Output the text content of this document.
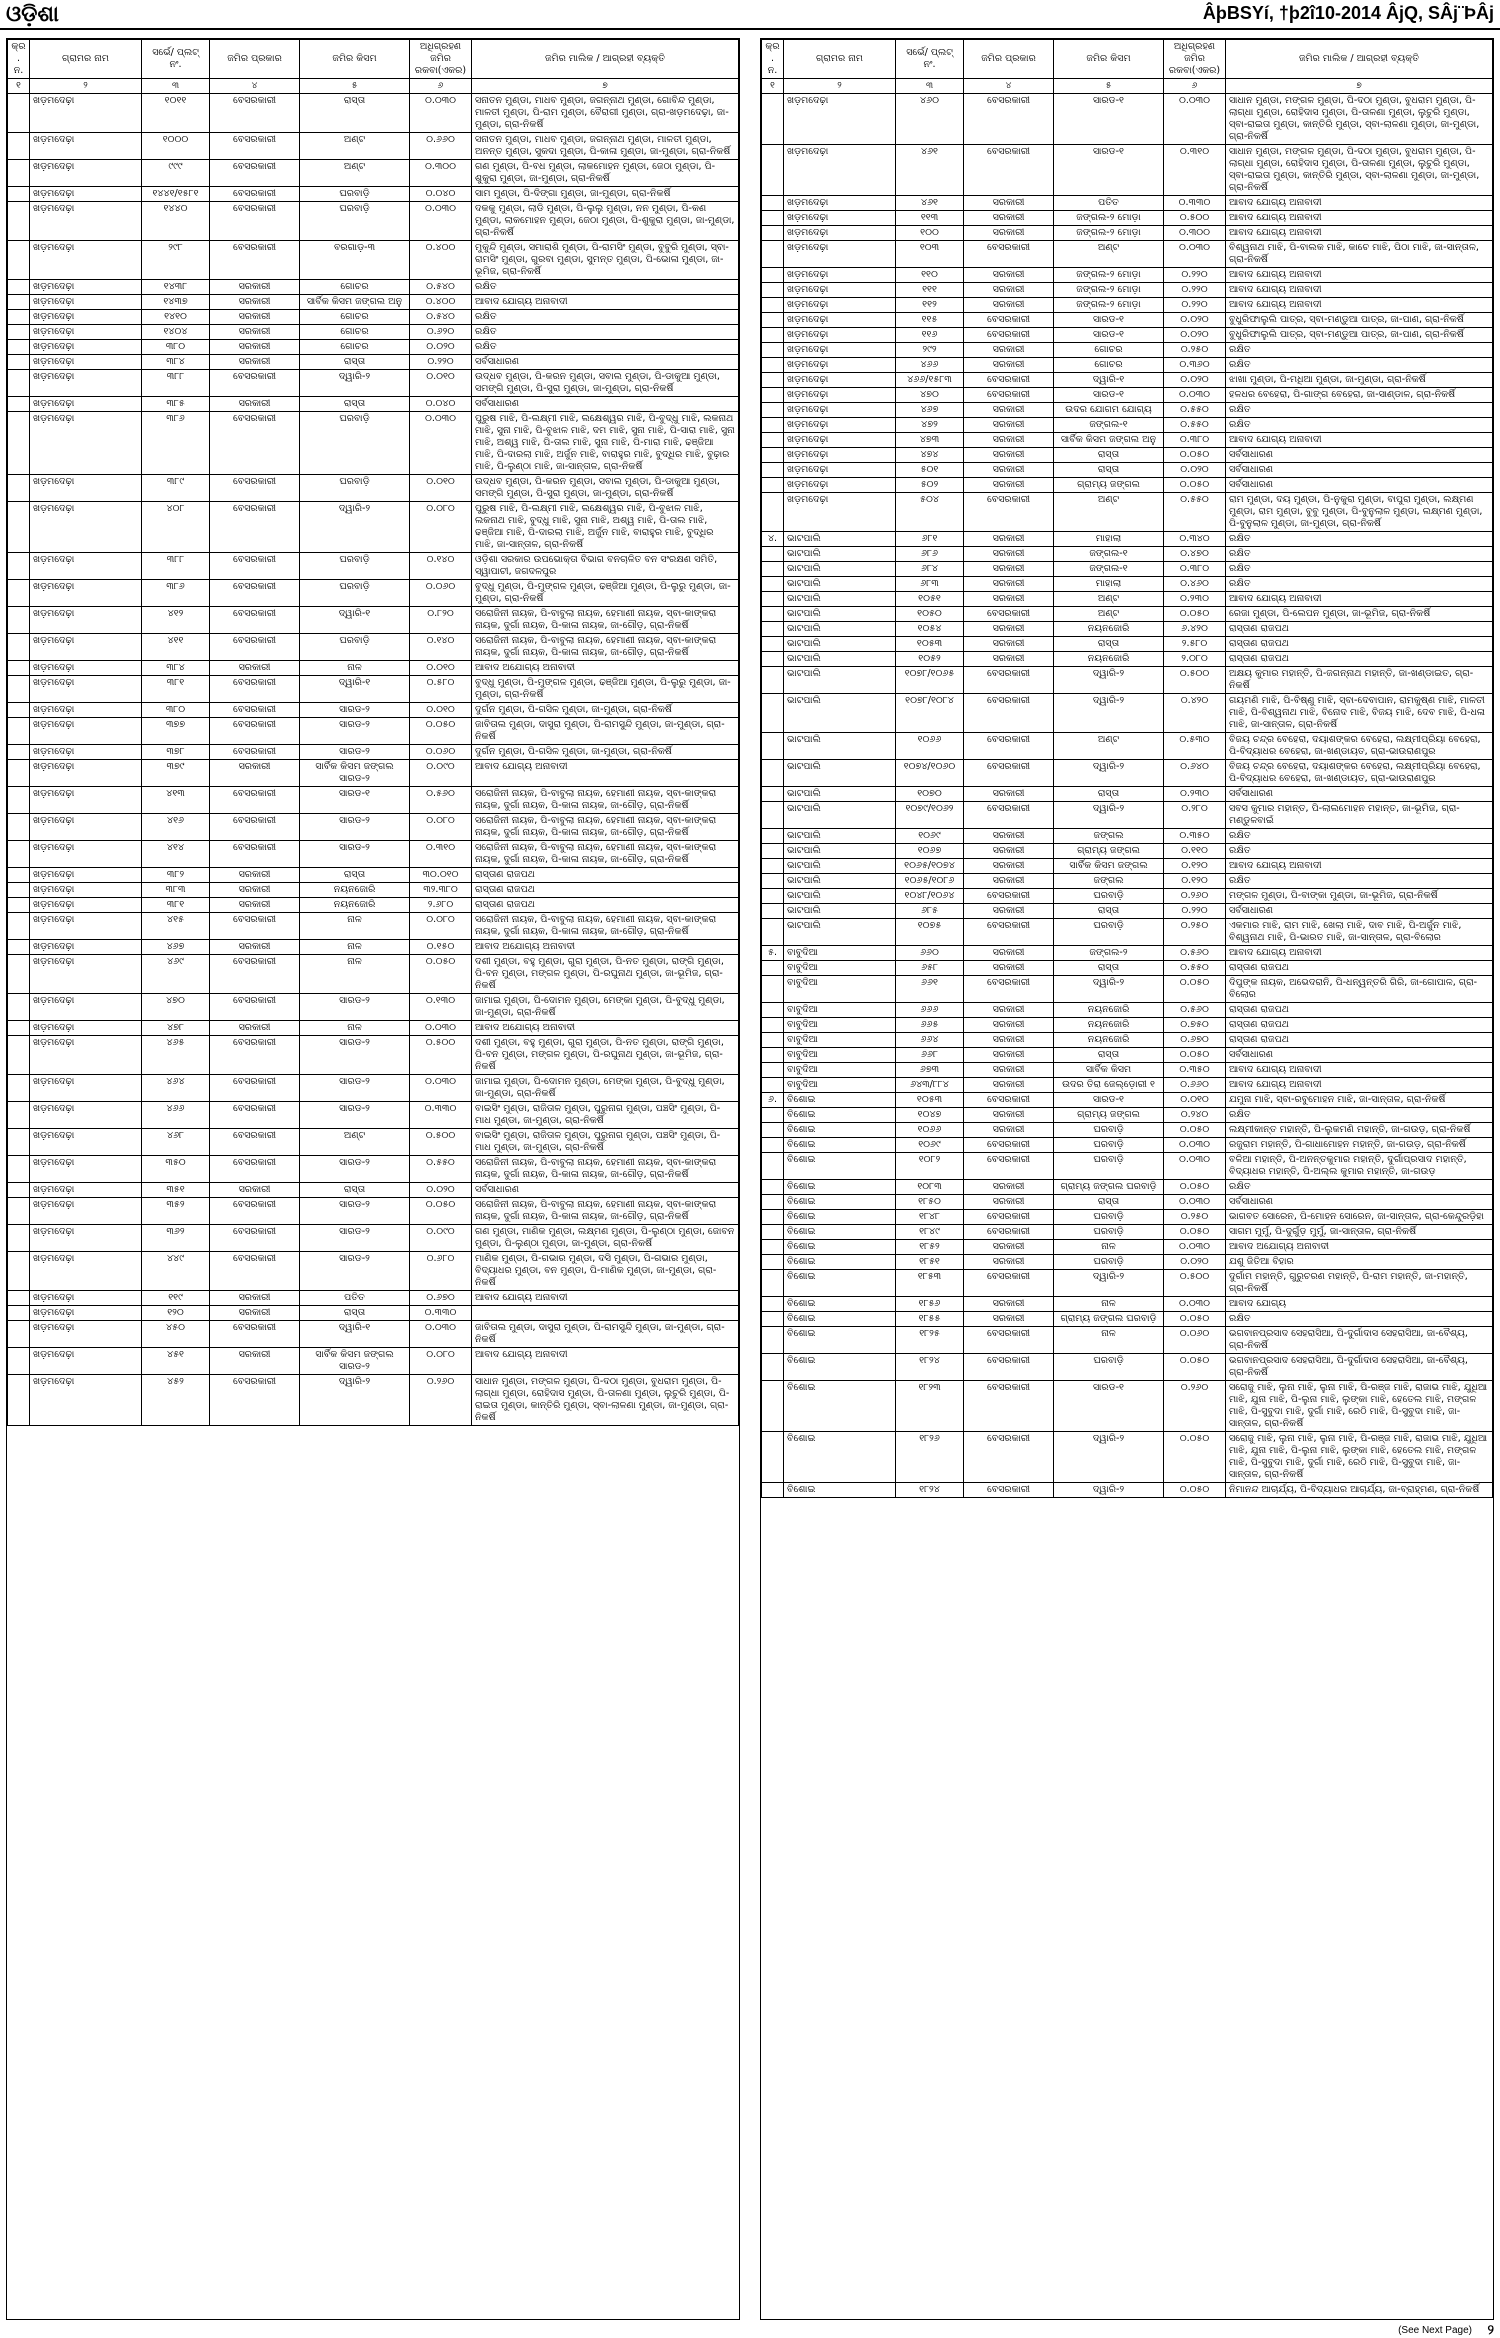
ଓଡ଼ିଶା	ÂþBSYí, †þ2î10-2014 ÂjQ, SÂj¨ÞÂj
କ୍ର. ନ.	ଗ୍ରାମର ନାମ	ସର୍ଭେ/ ପ୍ଲଟ୍ ନଂ.	ଜମିର ପ୍ରକାର	ଜମିର କିସମ	ଅଧିଗ୍ରହଣ ଜମିର ରକବା(ଏକର)	ଜମିର ମାଲିକ / ଆଗ୍ରହୀ ବ୍ୟକ୍ତି
୧	୨	୩	୪	୫	୬	୭
	ଖଡ଼ମଦେଢ଼ା	୧୦୧୧	ବେସରକାରୀ	ରାସ୍ତା	୦.୦୩୦	ସନାତନ ମୁଣ୍ଡା, ମାଧବ ମୁଣ୍ଡା, ଜଗନ୍ନାଥ ମୁଣ୍ଡା, ଗୋବିନ୍ଦ ମୁଣ୍ଡା, ମାଳତୀ ମୁଣ୍ଡା, ପି-ରାମ ମୁଣ୍ଡା, ବୈରାଗୀ ମୁଣ୍ଡା, ଗ୍ରା-ଖଡ଼ମଦେଢ଼ା, ଜା-ମୁଣ୍ଡା, ଗ୍ରା-ନିକର୍ଷି
	ଖଡ଼ମଦେଢ଼ା	୧୦୦୦	ବେସରକାରୀ	ଅଣ୍ଟ	୦.୬୬୦	ସନାତନ ମୁଣ୍ଡା, ମାଧବ ମୁଣ୍ଡା, ଜଗନ୍ନାଥ ମୁଣ୍ଡା, ମାଳତୀ ମୁଣ୍ଡା, ଅନନ୍ତ ମୁଣ୍ଡା, ସୁକଦା ମୁଣ୍ଡା, ପି-କାଳା ମୁଣ୍ଡା, ଜା-ମୁଣ୍ଡା, ଗ୍ରା-ନିକର୍ଷି
	ଖଡ଼ମଦେଢ଼ା	୯୯୯	ବେସରକାରୀ	ଅଣ୍ଟ	୦.୩୦୦	ଗଣ ମୁଣ୍ଡା, ପି-ବଧ ମୁଣ୍ଡା, ଲାକମୋହନ ମୁଣ୍ଡା, ଜେଠା ମୁଣ୍ଡା, ପି-ଶୁକୁରା ମୁଣ୍ଡା, ଜା-ମୁଣ୍ଡା, ଗ୍ରା-ନିକର୍ଷି
	ଖଡ଼ମଦେଢ଼ା	୧୪୪୧/୧୫୮୧	ବେସରକାରୀ	ଘରବାଡ଼ି	୦.୦୪୦	ସାମ ମୁଣ୍ଡା, ପି-ଦିଙ୍ଗା ମୁଣ୍ଡା, ଜା-ମୁଣ୍ଡା, ଗ୍ରା-ନିକର୍ଷି
	ଖଡ଼ମଦେଢ଼ା	୧୪୪୦	ବେସରକାରୀ	ଘରବାଡ଼ି	୦.୦୩୦	ଦକକୁ ମୁଣ୍ଡା, ଲାଡି ମୁଣ୍ଡା, ପି-ଲୁଲୁ ମୁଣ୍ଡା, ନନ ମୁଣ୍ଡା, ପି-କଣ ମୁଣ୍ଡା, ଲାକମୋହନ ମୁଣ୍ଡା, ଜେଠା ମୁଣ୍ଡା, ପି-ଶୁକୁରା ମୁଣ୍ଡା, ଜା-ମୁଣ୍ଡା, ଗ୍ରା-ନିକର୍ଷି
	ଖଡ଼ମଦେଢ଼ା	୨୯୮	ବେସରକାରୀ	ବରଗାଡ଼-୩	୦.୪୦୦	ମୁକୁନ୍ଦି ମୁଣ୍ଡା, ସମାରାଶି ମୁଣ୍ଡା, ପି-ରାମସିଂ ମୁଣ୍ଡା, ବୁବୁରି ମୁଣ୍ଡା, ସ୍ବା-ରାମସିଂ ମୁଣ୍ଡା, ଗୁରବା ମୁଣ୍ଡା, ସୁମନ୍ତ ମୁଣ୍ଡା, ପି-ଭୋଳା ମୁଣ୍ଡା, ଜା-ଭୂମିଜ, ଗ୍ରା-ନିକର୍ଷି
	ଖଡ଼ମଦେଢ଼ା	୧୪୩୮	ସରକାରୀ	ଗୋଚର	୦.୫୪୦	ରକ୍ଷିତ
	ଖଡ଼ମଦେଢ଼ା	୧୪୩୭	ସରକାରୀ	ସାର୍ବିକ କିସମ ଜଙ୍ଗଲ ଅନୁ	୦.୪୦୦	ଆବାଦ ଯୋଗ୍ୟ ଅନାବାଦୀ
	ଖଡ଼ମଦେଢ଼ା	୧୪୧୦	ସରକାରୀ	ଗୋଚର	୦.୫୪୦	ରକ୍ଷିତ
	ଖଡ଼ମଦେଢ଼ା	୧୪୦୪	ସରକାରୀ	ଗୋଚର	୦.୬୨୦	ରକ୍ଷିତ
	ଖଡ଼ମଦେଢ଼ା	୩୮୦	ସରକାରୀ	ଗୋଚର	୦.୦୨୦	ରକ୍ଷିତ
	ଖଡ଼ମଦେଢ଼ା	୩୮୪	ସରକାରୀ	ରାସ୍ତା	୦.୨୨୦	ସର୍ବସାଧାରଣ
	ଖଡ଼ମଦେଢ଼ା	୩୮୮	ବେସରକାରୀ	ଦ୍ୱାରି-୨	୦.୦୧୦	ଉଦ୍ଧବ ମୁଣ୍ଡା, ପି-କରନ ମୁଣ୍ଡା, ସବାଲ ମୁଣ୍ଡା, ପି-ଡାକୁଆ ମୁଣ୍ଡା, ସମଙ୍ଗି ମୁଣ୍ଡା, ପି-ସୁରା ମୁଣ୍ଡା, ଜା-ମୁଣ୍ଡା, ଗ୍ରା-ନିକର୍ଷି
	ଖଡ଼ମଦେଢ଼ା	୩୮୫	ସରକାରୀ	ରାସ୍ତା	୦.୦୪୦	ସର୍ବସାଧାରଣ
	ଖଡ଼ମଦେଢ଼ା	୩୮୬	ବେସରକାରୀ	ଘରବାଡ଼ି	୦.୦୩୦	ପୁରୁଷ ମାଝି, ପି-ଲକ୍ଷ୍ମୀ ମାଝି, ଲକ୍ଷେଶ୍ୱର ମାଝି, ପି-ବୁଦ୍ଧୁ ମାଝି, ଲକନାଥ ମାଝି, ସୁନା ମାଝି, ପି-ବୁଝାଳ ମାଝି, ଦମ ମାଝି, ସୁନା ମାଝି, ପି-ସାରା ମାଝି, ସୁନା ମାଝି, ଅଶ୍ୱ ମାଝି, ପି-ତାଲ ମାଝି, ସୁନା ମାଝି, ପି-ମାରା ମାଝି, ଢଞ୍ଜିଆ ମାଝି, ପି-ଦାରଲା ମାଝି, ଅର୍ଜୁନ ମାଝି, ବାରାହୁର ମାଝି, ବୁଦ୍ଧିର ମାଝି, ବୁଢ଼ାର ମାଝି, ପି-ଲୁଣ୍ଠା ମାଝି, ଜା-ସାନ୍ତାଳ, ଗ୍ରା-ନିକର୍ଷି
	ଖଡ଼ମଦେଢ଼ା	୩୮୯	ବେସରକାରୀ	ଘରବାଡ଼ି	୦.୦୧୦	ଉଦ୍ଧବ ମୁଣ୍ଡା, ପି-କରନ ମୁଣ୍ଡା, ସବାଲ ମୁଣ୍ଡା, ପି-ଡାକୁଆ ମୁଣ୍ଡା, ସମଙ୍ଗି ମୁଣ୍ଡା, ପି-ସୁରା ମୁଣ୍ଡା, ଜା-ମୁଣ୍ଡା, ଗ୍ରା-ନିକର୍ଷି
	ଖଡ଼ମଦେଢ଼ା	୪୦୮	ବେସରକାରୀ	ଦ୍ୱାରି-୨	୦.୦୮୦	ପୁରୁଷ ମାଝି, ପି-ଲକ୍ଷ୍ମୀ ମାଝି, ଲକ୍ଷେଶ୍ୱର ମାଝି, ପି-ବୁଝାଳ ମାଝି, ଲକନାଥ ମାଝି, ବୁଦ୍ଧୁ ମାଝି, ସୁନା ମାଝି, ଅଶ୍ୱ ମାଝି, ପି-ତାଲ ମାଝି, ଢଞ୍ଜିଆ ମାଝି, ପି-ଦାରଲା ମାଝି, ଅର୍ଜୁନ ମାଝି, ବାରାହୁର ମାଝି, ବୁଦ୍ଧିର ମାଝି, ଜା-ସାନ୍ତାଳ, ଗ୍ରା-ନିକର୍ଷି
	ଖଡ଼ମଦେଢ଼ା	୩୮୮	ବେସରକାରୀ	ଘରବାଡ଼ି	୦.୧୪୦	ଓଡ଼ିଶା ସରକାର ଉପଭୋକ୍ତା ବିଭାଗ ବନଚାଳିତ ବନ ସଂରକ୍ଷଣ ସମିତି, ସ୍ୱାପାଚୀ, ଜଗଦଳପୁର
	ଖଡ଼ମଦେଢ଼ା	୩୮୬	ବେସରକାରୀ	ଘରବାଡ଼ି	୦.୦୬୦	ବୁଦ୍ଧୁ ମୁଣ୍ଡା, ପି-ମୁଙ୍ଗଳ ମୁଣ୍ଡା, ଢଞ୍ଜିଆ ମୁଣ୍ଡା, ପି-ଲୁରୁ ମୁଣ୍ଡା, ଜା-ମୁଣ୍ଡା, ଗ୍ରା-ନିକର୍ଷି
	ଖଡ଼ମଦେଢ଼ା	୪୧୨	ବେସରକାରୀ	ଦ୍ୱାରି-୧	୦.୮୨୦	ସରୋଜିନୀ ନାୟକ, ପି-ବାବୁଲା ନାୟକ, ହେମାଣୀ ନାୟକ, ସ୍ବା-କାଙ୍କରା ନାୟକ, ଦୁର୍ଗା ନାୟକ, ପି-କାଳା ନାୟକ, ଜା-ଗୌଡ଼, ଗ୍ରା-ନିକର୍ଷି
	ଖଡ଼ମଦେଢ଼ା	୪୧୧	ବେସରକାରୀ	ଘରବାଡ଼ି	୦.୧୪୦	ସରୋଜିନୀ ନାୟକ, ପି-ବାବୁଲା ନାୟକ, ହେମାଣୀ ନାୟକ, ସ୍ବା-କାଙ୍କରା ନାୟକ, ଦୁର୍ଗା ନାୟକ, ପି-କାଳା ନାୟକ, ଜା-ଗୌଡ଼, ଗ୍ରା-ନିକର୍ଷି
	ଖଡ଼ମଦେଢ଼ା	୩୮୪	ସରକାରୀ	ନାଳ	୦.୦୧୦	ଆବାଦ ଅଯୋଗ୍ୟ ଅନାବାଦୀ
	ଖଡ଼ମଦେଢ଼ା	୩୮୧	ବେସରକାରୀ	ଦ୍ୱାରି-୧	୦.୫୮୦	ବୁଦ୍ଧୁ ମୁଣ୍ଡା, ପି-ମୁଙ୍ଗଳ ମୁଣ୍ଡା, ଢଞ୍ଜିଆ ମୁଣ୍ଡା, ପି-ଲୁରୁ ମୁଣ୍ଡା, ଜା-ମୁଣ୍ଡା, ଗ୍ରା-ନିକର୍ଷି
	ଖଡ଼ମଦେଢ଼ା	୩୮୦	ବେସରକାରୀ	ସାରଡ-୨	୦.୦୧୦	ଦୁର୍ଗନ ମୁଣ୍ଡା, ପି-ଗସିଳ ମୁଣ୍ଡା, ଜା-ମୁଣ୍ଡା, ଗ୍ରା-ନିକର୍ଷି
	ଖଡ଼ମଦେଢ଼ା	୩୭୭	ବେସରକାରୀ	ସାରଡ-୨	୦.୦୫୦	ଜାବିତାଲ ମୁଣ୍ଡା, ଦାସୁରା ମୁଣ୍ଡା, ପି-ରାମସୁନ୍ଦି ମୁଣ୍ଡା, ଜା-ମୁଣ୍ଡା, ଗ୍ରା-ନିକର୍ଷି
	ଖଡ଼ମଦେଢ଼ା	୩୭୮	ବେସରକାରୀ	ସାରଡ-୨	୦.୦୬୦	ଦୁର୍ଗନ ମୁଣ୍ଡା, ପି-ଗସିଳ ମୁଣ୍ଡା, ଜା-ମୁଣ୍ଡା, ଗ୍ରା-ନିକର୍ଷି
	ଖଡ଼ମଦେଢ଼ା	୩୭୯	ସରକାରୀ	ସାର୍ବିକ କିସମ ଜଙ୍ଗଲ ସାରଡ-୨	୦.୦୯୦	ଆବାଦ ଯୋଗ୍ୟ ଅନାବାଦୀ
	ଖଡ଼ମଦେଢ଼ା	୪୧୩	ବେସରକାରୀ	ସାରଡ-୧	୦.୫୬୦	ସରୋଜିନୀ ନାୟକ, ପି-ବାବୁଲା ନାୟକ, ହେମାଣୀ ନାୟକ, ସ୍ବା-କାଙ୍କରା ନାୟକ, ଦୁର୍ଗା ନାୟକ, ପି-କାଳା ନାୟକ, ଜା-ଗୌଡ଼, ଗ୍ରା-ନିକର୍ଷି
	ଖଡ଼ମଦେଢ଼ା	୪୧୬	ବେସରକାରୀ	ସାରଡ-୨	୦.୦୮୦	ସରୋଜିନୀ ନାୟକ, ପି-ବାବୁଲା ନାୟକ, ହେମାଣୀ ନାୟକ, ସ୍ବା-କାଙ୍କରା ନାୟକ, ଦୁର୍ଗା ନାୟକ, ପି-କାଳା ନାୟକ, ଜା-ଗୌଡ଼, ଗ୍ରା-ନିକର୍ଷି
	ଖଡ଼ମଦେଢ଼ା	୪୧୪	ବେସରକାରୀ	ସାରଡ-୨	୦.୩୧୦	ସରୋଜିନୀ ନାୟକ, ପି-ବାବୁଲା ନାୟକ, ହେମାଣୀ ନାୟକ, ସ୍ବା-କାଙ୍କରା ନାୟକ, ଦୁର୍ଗା ନାୟକ, ପି-କାଳା ନାୟକ, ଜା-ଗୌଡ଼, ଗ୍ରା-ନିକର୍ଷି
	ଖଡ଼ମଦେଢ଼ା	୩୮୨	ସରକାରୀ	ରାସ୍ତା	୩୦.୦୧୦	ରାସ୍ତାଣ ରାଜପଥ
	ଖଡ଼ମଦେଢ଼ା	୩୮୩	ସରକାରୀ	ନୟନଜୋରି	୩୨.୩୮୦	ରାସ୍ତାଣ ରାଜପଥ
	ଖଡ଼ମଦେଢ଼ା	୩୮୧	ସରକାରୀ	ନୟନଜୋରି	୨.୬୮୦	ରାସ୍ତାଣ ରାଜପଥ
	ଖଡ଼ମଦେଢ଼ା	୪୧୫	ବେସରକାରୀ	ନାଳ	୦.୦୮୦	ସରୋଜିନୀ ନାୟକ, ପି-ବାବୁଲା ନାୟକ, ହେମାଣୀ ନାୟକ, ସ୍ବା-କାଙ୍କରା ନାୟକ, ଦୁର୍ଗା ନାୟକ, ପି-କାଳା ନାୟକ, ଜା-ଗୌଡ଼, ଗ୍ରା-ନିକର୍ଷି
	ଖଡ଼ମଦେଢ଼ା	୪୬୭	ସରକାରୀ	ନାଳ	୦.୧୫୦	ଆବାଦ ଅଯୋଗ୍ୟ ଅନାବାଦୀ
	ଖଡ଼ମଦେଢ଼ା	୪୬୯	ବେସରକାରୀ	ନାଳ	୦.୦୫୦	ଦଶୀ ମୁଣ୍ଡା, ବହୁ ମୁଣ୍ଡା, ଗୁରା ମୁଣ୍ଡା, ପି-ନତ ମୁଣ୍ଡା, ରାଙ୍ଗି ମୁଣ୍ଡା, ପି-ବନ ମୁଣ୍ଡା, ମଙ୍ଗଳ ମୁଣ୍ଡା, ପି-ରଘୁନାଥ ମୁଣ୍ଡା, ଜା-ଭୂମିଜ, ଗ୍ରା-ନିକର୍ଷି
	ଖଡ଼ମଦେଢ଼ା	୪୭୦	ବେସରକାରୀ	ସାରଡ-୨	୦.୧୩୦	ଜାମାଇ ମୁଣ୍ଡା, ପି-ଦୋମନ ମୁଣ୍ଡା, ମେଙ୍କା ମୁଣ୍ଡା, ପି-ବୁଦ୍ଧୁ ମୁଣ୍ଡା, ଜା-ମୁଣ୍ଡା, ଗ୍ରା-ନିକର୍ଷି
	ଖଡ଼ମଦେଢ଼ା	୪୭୮	ସରକାରୀ	ନାଳ	୦.୦୩୦	ଆବାଦ ଅଯୋଗ୍ୟ ଅନାବାଦୀ
	ଖଡ଼ମଦେଢ଼ା	୪୬୫	ବେସରକାରୀ	ସାରଡ-୨	୦.୫୦୦	ଦଶୀ ମୁଣ୍ଡା, ବହୁ ମୁଣ୍ଡା, ଗୁରା ମୁଣ୍ଡା, ପି-ନତ ମୁଣ୍ଡା, ରାଙ୍ଗି ମୁଣ୍ଡା, ପି-ବନ ମୁଣ୍ଡା, ମଙ୍ଗଳ ମୁଣ୍ଡା, ପି-ରଘୁନାଥ ମୁଣ୍ଡା, ଜା-ଭୂମିଜ, ଗ୍ରା-ନିକର୍ଷି
	ଖଡ଼ମଦେଢ଼ା	୪୬୪	ବେସରକାରୀ	ସାରଡ-୨	୦.୦୩୦	ଜାମାଇ ମୁଣ୍ଡା, ପି-ଦୋମନ ମୁଣ୍ଡା, ମେଙ୍କା ମୁଣ୍ଡା, ପି-ବୁଦ୍ଧୁ ମୁଣ୍ଡା, ଜା-ମୁଣ୍ଡା, ଗ୍ରା-ନିକର୍ଷି
	ଖଡ଼ମଦେଢ଼ା	୪୬୬	ବେସରକାରୀ	ସାରଡ-୨	୦.୩୩୦	ବାଇସିଂ ମୁଣ୍ଡା, ରାଜିତାଳ ମୁଣ୍ଡା, ପୁରୁନାଗ ମୁଣ୍ଡା, ପଞ୍ଚସିଂ ମୁଣ୍ଡା, ପି-ମାଧ ମୁଣ୍ଡା, ଜା-ମୁଣ୍ଡା, ଗ୍ରା-ନିକର୍ଷି
	ଖଡ଼ମଦେଢ଼ା	୪୬୮	ବେସରକାରୀ	ଅଣ୍ଟ	୦.୫୦୦	ବାଇସିଂ ମୁଣ୍ଡା, ରାଜିତାଳ ମୁଣ୍ଡା, ପୁରୁନାଗ ମୁଣ୍ଡା, ପଞ୍ଚସିଂ ମୁଣ୍ଡା, ପି-ମାଧ ମୁଣ୍ଡା, ଜା-ମୁଣ୍ଡା, ଗ୍ରା-ନିକର୍ଷି
	ଖଡ଼ମଦେଢ଼ା	୩୫୦	ବେସରକାରୀ	ସାରଡ-୨	୦.୫୫୦	ସରୋଜିନୀ ନାୟକ, ପି-ବାବୁଲା ନାୟକ, ହେମାଣୀ ନାୟକ, ସ୍ବା-କାଙ୍କରା ନାୟକ, ଦୁର୍ଗା ନାୟକ, ପି-କାଳା ନାୟକ, ଜା-ଗୌଡ଼, ଗ୍ରା-ନିକର୍ଷି
	ଖଡ଼ମଦେଢ଼ା	୩୫୧	ସରକାରୀ	ରାସ୍ତା	୦.୦୨୦	ସର୍ବସାଧାରଣ
	ଖଡ଼ମଦେଢ଼ା	୩୫୨	ବେସରକାରୀ	ସାରଡ-୨	୦.୦୫୦	ସରୋଜିନୀ ନାୟକ, ପି-ବାବୁଲା ନାୟକ, ହେମାଣୀ ନାୟକ, ସ୍ବା-କାଙ୍କରା ନାୟକ, ଦୁର୍ଗା ନାୟକ, ପି-କାଳା ନାୟକ, ଜା-ଗୌଡ଼, ଗ୍ରା-ନିକର୍ଷି
	ଖଡ଼ମଦେଢ଼ା	୩୬୨	ବେସରକାରୀ	ସାରଡ-୨	୦.୦୯୦	ଗଣ ମୁଣ୍ଡା, ମାଣିକ ମୁଣ୍ଡା, ଲକ୍ଷ୍ମଣ ମୁଣ୍ଡା, ପି-ଲୁଣ୍ଠା ମୁଣ୍ଡା, ଜୋବନ ମୁଣ୍ଡା, ପି-ଲୁଣ୍ଠା ମୁଣ୍ଡା, ଜା-ମୁଣ୍ଡା, ଗ୍ରା-ନିକର୍ଷି
	ଖଡ଼ମଦେଢ଼ା	୪୪୯	ବେସରକାରୀ	ସାରଡ-୨	୦.୬୮୦	ମାଣିକ ମୁଣ୍ଡା, ପି-ଗଭାର ମୁଣ୍ଡା, ଦସି ମୁଣ୍ଡା, ପି-ଗଭାର ମୁଣ୍ଡା, ବିଦ୍ୟାଧର ମୁଣ୍ଡା, ବନ ମୁଣ୍ଡା, ପି-ମାଣିକ ମୁଣ୍ଡା, ଜା-ମୁଣ୍ଡା, ଗ୍ରା-ନିକର୍ଷି
	ଖଡ଼ମଦେଢ଼ା	୧୧୯	ସରକାରୀ	ପତିତ	୦.୬୭୦	ଆବାଦ ଯୋଗ୍ୟ ଅନାବାଦୀ
	ଖଡ଼ମଦେଢ଼ା	୧୨୦	ସରକାରୀ	ରାସ୍ତା	୦.୩୩୦	
	ଖଡ଼ମଦେଢ଼ା	୪୫୦	ବେସରକାରୀ	ଦ୍ୱାରି-୧	୦.୦୩୦	ଜାବିତାଲ ମୁଣ୍ଡା, ଦାସୁରା ମୁଣ୍ଡା, ପି-ରାମସୁନ୍ଦି ମୁଣ୍ଡା, ଜା-ମୁଣ୍ଡା, ଗ୍ରା-ନିକର୍ଷି
	ଖଡ଼ମଦେଢ଼ା	୪୫୧	ସରକାରୀ	ସାର୍ବିକ କିସମ ଜଙ୍ଗଲ ସାରଡ-୨	୦.୦୮୦	ଆବାଦ ଯୋଗ୍ୟ ଅନାବାଦୀ
	ଖଡ଼ମଦେଢ଼ା	୪୫୨	ବେସରକାରୀ	ଦ୍ୱାରି-୨	୦.୨୬୦	ସାଧାନ ମୁଣ୍ଡା, ମଙ୍ଗଳ ମୁଣ୍ଡା, ପି-ଦଠା ମୁଣ୍ଡା, ବୁଧରାମ ମୁଣ୍ଡା, ପି-ଲାଗ୍ଧା ମୁଣ୍ଡା, ରୋହିଦାସ ମୁଣ୍ଡା, ପି-ତାଳଣା ମୁଣ୍ଡା, ଲୁଚୁରି ମୁଣ୍ଡା, ପି-ରାଇତା ମୁଣ୍ଡା, କାନ୍ତିରି ମୁଣ୍ଡା, ସ୍ବା-ଲାଳଣା ମୁଣ୍ଡା, ଜା-ମୁଣ୍ଡା, ଗ୍ରା-ନିକର୍ଷି
କ୍ର. ନ.	ଗ୍ରାମର ନାମ	ସର୍ଭେ/ ପ୍ଲଟ୍ ନଂ.	ଜମିର ପ୍ରକାର	ଜମିର କିସମ	ଅଧିଗ୍ରହଣ ଜମିର ରକବା(ଏକର)	ଜମିର ମାଲିକ / ଆଗ୍ରହୀ ବ୍ୟକ୍ତି
୧	୨	୩	୪	୫	୬	୭
	ଖଡ଼ମଦେଢ଼ା	୪୬୦	ବେସରକାରୀ	ସାରଡ-୧	୦.୦୩୦	ସାଧାନ ମୁଣ୍ଡା, ମଙ୍ଗଳ ମୁଣ୍ଡା, ପି-ଦଠା ମୁଣ୍ଡା, ବୁଧରାମ ମୁଣ୍ଡା, ପି-ଲାଗ୍ଧା ମୁଣ୍ଡା, ରୋହିଦାସ ମୁଣ୍ଡା, ପି-ତାଳଣା ମୁଣ୍ଡା, ଲୁଚୁରି ମୁଣ୍ଡା, ସ୍ବା-ରାଇତା ମୁଣ୍ଡା, କାନ୍ତିରି ମୁଣ୍ଡା, ସ୍ବା-ଲାଳଣା ମୁଣ୍ଡା, ଜା-ମୁଣ୍ଡା, ଗ୍ରା-ନିକର୍ଷି
	ଖଡ଼ମଦେଢ଼ା	୪୬୧	ବେସରକାରୀ	ସାରଡ-୧	୦.୩୧୦	ସାଧାନ ମୁଣ୍ଡା, ମଙ୍ଗଳ ମୁଣ୍ଡା, ପି-ଦଠା ମୁଣ୍ଡା, ବୁଧରାମ ମୁଣ୍ଡା, ପି-ଲାଗ୍ଧା ମୁଣ୍ଡା, ରୋହିଦାସ ମୁଣ୍ଡା, ପି-ତାଳଣା ମୁଣ୍ଡା, ଲୁଚୁରି ମୁଣ୍ଡା, ସ୍ବା-ରାଇତା ମୁଣ୍ଡା, କାନ୍ତିରି ମୁଣ୍ଡା, ସ୍ବା-ଲାଳଣା ମୁଣ୍ଡା, ଜା-ମୁଣ୍ଡା, ଗ୍ରା-ନିକର୍ଷି
	ଖଡ଼ମଦେଢ଼ା	୪୬୧	ସରକାରୀ	ପତିତ	୦.୩୩୦	ଆବାଦ ଯୋଗ୍ୟ ଅନାବାଦୀ
	ଖଡ଼ମଦେଢ଼ା	୧୧୩	ସରକାରୀ	ଜଙ୍ଗଲ-୨ ମୋଡ଼ା	୦.୫୦୦	ଆବାଦ ଯୋଗ୍ୟ ଅନାବାଦୀ
	ଖଡ଼ମଦେଢ଼ା	୧୦୦	ସରକାରୀ	ଜଙ୍ଗଲ-୨ ମୋଡ଼ା	୦.୩୦୦	ଆବାଦ ଯୋଗ୍ୟ ଅନାବାଦୀ
	ଖଡ଼ମଦେଢ଼ା	୧୦୩	ବେସରକାରୀ	ଅଣ୍ଟ	୦.୦୩୦	ବିଶ୍ୱନାଥ ମାଝି, ପି-ବାଲକ ମାଝି, କାଚେ ମାଝି, ପିଠା ମାଝି, ଜା-ସାନ୍ତାଳ, ଗ୍ରା-ନିକର୍ଷି
	ଖଡ଼ମଦେଢ଼ା	୧୧୦	ସରକାରୀ	ଜଙ୍ଗଲ-୨ ମୋଡ଼ା	୦.୨୨୦	ଆବାଦ ଯୋଗ୍ୟ ଅନାବାଦୀ
	ଖଡ଼ମଦେଢ଼ା	୧୧୧	ସରକାରୀ	ଜଙ୍ଗଲ-୨ ମୋଡ଼ା	୦.୨୨୦	ଆବାଦ ଯୋଗ୍ୟ ଅନାବାଦୀ
	ଖଡ଼ମଦେଢ଼ା	୧୧୨	ସରକାରୀ	ଜଙ୍ଗଲ-୨ ମୋଡ଼ା	୦.୨୨୦	ଆବାଦ ଯୋଗ୍ୟ ଅନାବାଦୀ
	ଖଡ଼ମଦେଢ଼ା	୧୧୫	ବେସରକାରୀ	ସାରଡ-୧	୦.୦୨୦	ବୁଧୁରିଫାଲୁଲି ପାତ୍ର, ସ୍ବା-ମଣ୍ଡୁଆ ପାତ୍ର, ଜା-ପାଣ, ଗ୍ରା-ନିକର୍ଷି
	ଖଡ଼ମଦେଢ଼ା	୧୧୬	ବେସରକାରୀ	ସାରଡ-୧	୦.୦୨୦	ବୁଧୁରିଫାଲୁଲି ପାତ୍ର, ସ୍ବା-ମଣ୍ଡୁଆ ପାତ୍ର, ଜା-ପାଣ, ଗ୍ରା-ନିକର୍ଷି
	ଖଡ଼ମଦେଢ଼ା	୨୯୨	ସରକାରୀ	ଗୋଚର	୦.୨୫୦	ରକ୍ଷିତ
	ଖଡ଼ମଦେଢ଼ା	୪୬୬	ସରକାରୀ	ଗୋଚର	୦.୩୬୦	ରକ୍ଷିତ
	ଖଡ଼ମଦେଢ଼ା	୪୬୬/୧୫୮୩	ବେସରକାରୀ	ଦ୍ୱାରି-୧	୦.୦୨୦	ଝାଖା ମୁଣ୍ଡା, ପି-ମଧିଆ ମୁଣ୍ଡା, ଜା-ମୁଣ୍ଡା, ଗ୍ରା-ନିକର୍ଷି
	ଖଡ଼ମଦେଢ଼ା	୪୭୦	ବେସରକାରୀ	ସାରଡ-୧	୦.୦୩୦	ହଳଧର ବେହେରା, ପି-ଗାଙ୍ଗ ବେହେରା, ଜା-ସାଣ୍ଡାଳ, ଗ୍ରା-ନିକର୍ଷି
	ଖଡ଼ମଦେଢ଼ା	୪୬୭	ସରକାରୀ	ଉଦର ଯୋଗମ ଯୋଗ୍ୟ	୦.୫୫୦	ରକ୍ଷିତ
	ଖଡ଼ମଦେଢ଼ା	୪୭୨	ସରକାରୀ	ଜଙ୍ଗଲ-୧	୦.୫୫୦	ରକ୍ଷିତ
	ଖଡ଼ମଦେଢ଼ା	୪୭୩	ସରକାରୀ	ସାର୍ବିକ କିସମ ଜଙ୍ଗଲ ଅନୁ	୦.୩୮୦	ଆବାଦ ଯୋଗ୍ୟ ଅନାବାଦୀ
	ଖଡ଼ମଦେଢ଼ା	୪୭୪	ସରକାରୀ	ରାସ୍ତା	୦.୦୫୦	ସର୍ବସାଧାରଣ
	ଖଡ଼ମଦେଢ଼ା	୫୦୧	ସରକାରୀ	ରାସ୍ତା	୦.୦୨୦	ସର୍ବସାଧାରଣ
	ଖଡ଼ମଦେଢ଼ା	୫୦୨	ସରକାରୀ	ଗ୍ରାମ୍ୟ ଜଙ୍ଗଲ	୦.୦୫୦	ସର୍ବସାଧାରଣ
	ଖଡ଼ମଦେଢ଼ା	୫୦୪	ବେସରକାରୀ	ଅଣ୍ଟ	୦.୫୫୦	ରାମ ମୁଣ୍ଡା, ଦୟ ମୁଣ୍ଡା, ପି-ନୁକୁରା ମୁଣ୍ଡା, ବାପୁରା ମୁଣ୍ଡା, ଲକ୍ଷ୍ମଣ ମୁଣ୍ଡା, ରାମ ମୁଣ୍ଡା, ବୁବୁ ମୁଣ୍ଡା, ପି-ବୁନୁଲାଳ ମୁଣ୍ଡା, ଲକ୍ଷ୍ମଣ ମୁଣ୍ଡା, ପି-ବୁନୁଲାଳ ମୁଣ୍ଡା, ଜା-ମୁଣ୍ଡା, ଗ୍ରା-ନିକର୍ଷି
୪.	ଭାଟପାଲି	୬୮୧	ସରକାରୀ	ମାହାଲା	୦.୩୪୦	ରକ୍ଷିତ
	ଭାଟପାଲି	୬୮୬	ସରକାରୀ	ଜଙ୍ଗଲ-୧	୦.୪୭୦	ରକ୍ଷିତ
	ଭାଟପାଲି	୬୮୪	ସରକାରୀ	ଜଙ୍ଗଲ-୧	୦.୩୮୦	ରକ୍ଷିତ
	ଭାଟପାଲି	୬୮୩	ସରକାରୀ	ମାହାଲା	୦.୪୬୦	ରକ୍ଷିତ
	ଭାଟପାଲି	୧୦୫୧	ସରକାରୀ	ଅଣ୍ଟ	୦.୨୩୦	ଆବାଦ ଯୋଗ୍ୟ ଅନାବାଦୀ
	ଭାଟପାଲି	୧୦୫୦	ବେସରକାରୀ	ଅଣ୍ଟ	୦.୦୫୦	ରେଜା ମୁଣ୍ଡା, ପି-ଲେପନ ମୁଣ୍ଡା, ଜା-ଭୂମିଜ, ଗ୍ରା-ନିକର୍ଷି
	ଭାଟପାଲି	୧୦୫୪	ସରକାରୀ	ନୟନଜୋରି	୬.୪୨୦	ରାସ୍ତାଣ ରାଜପଥ
	ଭାଟପାଲି	୧୦୫୩	ସରକାରୀ	ରାସ୍ତା	୨.୫୮୦	ରାସ୍ତାଣ ରାଜପଥ
	ଭାଟପାଲି	୧୦୫୨	ସରକାରୀ	ନୟନଜୋରି	୨.୦୮୦	ରାସ୍ତାଣ ରାଜପଥ
	ଭାଟପାଲି	୧୦୭୮/୧୦୬୫	ବେସରକାରୀ	ଦ୍ୱାରି-୨	୦.୫୦୦	ଅକ୍ଷୟ କୁମାର ମହାନ୍ତି, ପି-ଜଗନ୍ନାଥ ମହାନ୍ତି, ଜା-ଖଣ୍ଡାଇତ, ଗ୍ରା-ନିକର୍ଷି
	ଭାଟପାଲି	୧୦୭୮/୧୦୮୪	ବେସରକାରୀ	ଦ୍ୱାରି-୨	୦.୪୨୦	ଗୟମଣି ମାଝି, ପି-ବିଷ୍ଣୁ ମାଝି, ସ୍ବା-ଦେବାପାନ, ରାମକୁଷ୍ଣ ମାଝି, ମାଳତୀ ମାଝି, ପି-ବିଶ୍ୱନାଥ ମାଝି, ବିନୋଦ ମାଝି, ବିଜୟ ମାଝି, ଦେବ ମାଝି, ପି-ଧଳା ମାଝି, ଜା-ସାନ୍ତାଳ, ଗ୍ରା-ନିକର୍ଷି
	ଭାଟପାଲି	୧୦୬୬	ବେସରକାରୀ	ଅଣ୍ଟ	୦.୫୩୦	ବିଜୟ ଚନ୍ଦ୍ର ବେହେରା, ଦୟାଶଙ୍କର ବେହେରା, ଲକ୍ଷ୍ମୀପ୍ରିୟା ବେହେରା, ପି-ବିଦ୍ୟାଧର ବେହେରା, ଜା-ଖଣ୍ଡାୟତ, ଗ୍ରା-ଭାଉରାଣପୁର
	ଭାଟପାଲି	୧୦୭୪/୧୦୬୦	ବେସରକାରୀ	ଦ୍ୱାରି-୨	୦.୬୪୦	ବିଜୟ ଚନ୍ଦ୍ର ବେହେରା, ଦୟାଶଙ୍କର ବେହେରା, ଲକ୍ଷ୍ମୀପ୍ରିୟା ବେହେରା, ପି-ବିଦ୍ୟାଧର ବେହେରା, ଜା-ଖଣ୍ଡାୟତ, ଗ୍ରା-ଭାଉରାଣପୁର
	ଭାଟପାଲି	୧୦୭୦	ସରକାରୀ	ରାସ୍ତା	୦.୨୩୦	ସର୍ବସାଧାରଣ
	ଭାଟପାଲି	୧୦୭୯/୧୦୬୨	ବେସରକାରୀ	ଦ୍ୱାରି-୨	୦.୨୮୦	ସବସ କୁମାର ମହାନ୍ତ, ପି-ଲାଲମୋହନ ମହାନ୍ତ, ଜା-ଭୂମିଜ, ଗ୍ରା-ମଣ୍ଡୁଳବାଇଁ
	ଭାଟପାଲି	୧୦୬୯	ସରକାରୀ	ଜଙ୍ଗଲ	୦.୩୫୦	ରକ୍ଷିତ
	ଭାଟପାଲି	୧୦୬୭	ସରକାରୀ	ଗ୍ରାମ୍ୟ ଜଙ୍ଗଲ	୦.୧୧୦	ରକ୍ଷିତ
	ଭାଟପାଲି	୧୦୬୫/୧୦୭୪	ସରକାରୀ	ସାର୍ବିକ କିସମ ଜଙ୍ଗଲ	୦.୧୨୦	ଆବାଦ ଯୋଗ୍ୟ ଅନାବାଦୀ
	ଭାଟପାଲି	୧୦୬୫/୧୦୮୬	ସରକାରୀ	ଜଙ୍ଗଲ	୦.୧୨୦	ରକ୍ଷିତ
	ଭାଟପାଲି	୧୦୪୮/୧୦୬୪	ବେସରକାରୀ	ଘରବାଡ଼ି	୦.୨୬୦	ମଙ୍ଗଳ ମୁଣ୍ଡା, ପି-ବାଙ୍କା ମୁଣ୍ଡା, ଜା-ଭୂମିଜ, ଗ୍ରା-ନିକର୍ଷି
	ଭାଟପାଲି	୬୮୫	ସରକାରୀ	ରାସ୍ତା	୦.୨୨୦	ସର୍ବସାଧାରଣ
	ଭାଟପାଲି	୧୦୭୫	ବେସରକାରୀ	ଘରବାଡ଼ି	୦.୨୫୦	ଏକମାର ମାଝି, ରାମ ମାଝି, ଖେଲା ମାଝି, ଦାବ ମାଝି, ପି-ଅର୍ଜୁନ ମାଝି, ବିଶ୍ୱନାଥ ମାଝି, ପି-ଭାରତ ମାଝି, ଜା-ସାନ୍ତାଳ, ଗ୍ରା-ବିଲୋର
୫.	ବାବୁଦିଆ	୬୬୦	ସରକାରୀ	ଜଙ୍ଗଲ-୨	୦.୫୬୦	ଆବାଦ ଯୋଗ୍ୟ ଅନାବାଦୀ
	ବାବୁଦିଆ	୬୫୮	ସରକାରୀ	ରାସ୍ତା	୦.୫୫୦	ରାସ୍ତାଣ ରାଜପଥ
	ବାବୁଦିଆ	୬୬୧	ବେସରକାରୀ	ଦ୍ୱାରି-୨	୦.୦୫୦	ଦିପୁଙ୍କ ନାୟକ, ଅଭେଦରାନି, ପି-ଧନ୍ୱନ୍ତରି ଗିରି, ଜା-ଗୋପାଳ, ଗ୍ରା-ବିଲୋର
	ବାବୁଦିଆ	୬୬୬	ସରକାରୀ	ନୟନଜୋରି	୦.୫୬୦	ରାସ୍ତାଣ ରାଜପଥ
	ବାବୁଦିଆ	୬୬୫	ସରକାରୀ	ନୟନଜୋରି	୦.୭୫୦	ରାସ୍ତାଣ ରାଜପଥ
	ବାବୁଦିଆ	୬୬୪	ସରକାରୀ	ନୟନଜୋରି	୦.୬୭୦	ରାସ୍ତାଣ ରାଜପଥ
	ବାବୁଦିଆ	୬୬୮	ସରକାରୀ	ରାସ୍ତା	୦.୦୫୦	ସର୍ବସାଧାରଣ
	ବାବୁଦିଆ	୬୭୩	ସରକାରୀ	ସାର୍ବିକ କିସମ	୦.୩୫୦	ଆବାଦ ଯୋଗ୍ୟ ଅନାବାଦୀ
	ବାବୁଦିଆ	୬୪୩/୮୮୪	ସରକାରୀ	ଉଦର ତିରା ଜେଲ୍‌ଡ଼ୋରୀ ୧	୦.୬୬୦	ଆବାଦ ଯୋଗ୍ୟ ଅନାବାଦୀ
୬.	ବିଶୋଇ	୧୦୫୩	ବେସରକାରୀ	ସାରଡ-୧	୦.୦୧୦	ଯମୁନା ମାଝି, ସ୍ବା-ରବୁମୋହନ ମାଝି, ଜା-ସାନ୍ତାଳ, ଗ୍ରା-ନିକର୍ଷି
	ବିଶୋଇ	୧୦୪୭	ସରକାରୀ	ଗ୍ରାମ୍ୟ ଜଙ୍ଗଲ	୦.୨୪୦	ରକ୍ଷିତ
	ବିଶୋଇ	୧୦୬୬	ସରକାରୀ	ଘରବାଡ଼ି	୦.୦୫୦	ଲକ୍ଷ୍ମୀକାନ୍ତ ମହାନ୍ତି, ପି-ଲୁକମଣି ମହାନ୍ତି, ଜା-ଗଉଡ଼, ଗ୍ରା-ନିକର୍ଷି
	ବିଶୋଇ	୧୦୬୯	ବେସରକାରୀ	ଘରବାଡ଼ି	୦.୦୩୦	ରଜୁରାମ ମହାନ୍ତି, ପି-ଗାଧାମୋହନ ମହାନ୍ତି, ଜା-ଗଉଡ଼, ଗ୍ରା-ନିକର୍ଷି
	ବିଶୋଇ	୧୦୮୨	ବେସରକାରୀ	ଘରବାଡ଼ି	୦.୦୩୦	ବଳିଆ ମହାନ୍ତି, ପି-ଅନନ୍ତକୁମାର ମହାନ୍ତି, ଦୁର୍ଗାପ୍ରସାଦ ମହାନ୍ତି, ବିଦ୍ୟାଧର ମହାନ୍ତି, ପି-ଅଲ୍ଲ କୁମାର ମହାନ୍ତି, ଜା-ଗଉଡ଼
	ବିଶୋଇ	୧୦୮୩	ସରକାରୀ	ଗ୍ରାମ୍ୟ ଜଙ୍ଗଲ ଘରବାଡ଼ି	୦.୦୫୦	ରକ୍ଷିତ
	ବିଶୋଇ	୧୮୫୦	ସରକାରୀ	ରାସ୍ତା	୦.୦୩୦	ସର୍ବସାଧାରଣ
	ବିଶୋଇ	୧୮୪୮	ବେସରକାରୀ	ଘରବାଡ଼ି	୦.୨୫୦	ଭାଗବତ ସୋରେନ, ପି-ମୋହନ ସୋରେନ, ଜା-ସାନ୍ତାଳ, ଗ୍ରା-କେନ୍ଦୁରଡ଼ିହା
	ବିଶୋଇ	୧୮୪୯	ବେସରକାରୀ	ଘରବାଡ଼ି	୦.୦୫୦	ସାଗମ ମୁର୍ମୁ, ପି-ଦୁର୍ଗୁଡ଼ ମୁର୍ମୁ, ଜା-ସାନ୍ତାଳ, ଗ୍ରା-ନିକର୍ଷି
	ବିଶୋଇ	୧୮୫୨	ସରକାରୀ	ନାଳ	୦.୦୩୦	ଆବାଦ ଅଯୋଗ୍ୟ ଅନାବାଦୀ
	ବିଶୋଇ	୧୮୫୧	ସରକାରୀ	ଘରବାଡ଼ି	୦.୦୨୦	ଯଶୁ ଜିତିଆ ବିହାର
	ବିଶୋଇ	୧୮୫୩	ବେସରକାରୀ	ଦ୍ୱାରି-୨	୦.୫୦୦	ଦୁର୍ଗାମ ମହାନ୍ତି, ଗୁରୁଚରଣ ମହାନ୍ତି, ପି-ରାମ ମହାନ୍ତି, ଜା-ମହାନ୍ତି, ଗ୍ରା-ନିକର୍ଷି
	ବିଶୋଇ	୧୮୫୬	ସରକାରୀ	ନାଳ	୦.୦୩୦	ଆବାଦ ଯୋଗ୍ୟ
	ବିଶୋଇ	୧୮୫୫	ସରକାରୀ	ଗ୍ରାମ୍ୟ ଜଙ୍ଗଲ ଘରବାଡ଼ି	୦.୦୫୦	ରକ୍ଷିତ
	ବିଶୋଇ	୧୮୨୫	ବେସରକାରୀ	ନାଳ	୦.୦୬୦	ଭଗବାନପ୍ରସାଦ ସେହରାସିଆ, ପି-ଦୁର୍ଗାଦାସ ସେହରାସିଆ, ଜା-ବୈଶ୍ୟ, ଗ୍ରା-ନିକର୍ଷି
	ବିଶୋଇ	୧୮୨୪	ବେସରକାରୀ	ଘରବାଡ଼ି	୦.୦୫୦	ଭଗବାନପ୍ରସାଦ ସେହରାସିଆ, ପି-ଦୁର୍ଗାଦାସ ସେହରାସିଆ, ଜା-ବୈଶ୍ୟ, ଗ୍ରା-ନିକର୍ଷି
	ବିଶୋଇ	୧୮୨୩	ବେସରକାରୀ	ସାରଡ-୧	୦.୨୬୦	ସରୋଜୁ ମାଝି, ଲୁନା ମାଝି, ଲୁନା ମାଝି, ପି-ରଞ୍ଜ ମାଝି, ରାଜାଭ ମାଝି, ଯୁଧିଆ ମାଝି, ଯୁନା ମାଝି, ପି-ଲୁନା ମାଝି, ଲୁଙ୍କା ମାଝି, ହେତେଲ ମାଝି, ମଙ୍ଗଳ ମାଝି, ପି-ସୁବୁଦା ମାଝି, ଦୁର୍ଗା ମାଝି, ରେଠି ମାଝି, ପି-ସୁବୁଦା ମାଝି, ଜା-ସାନ୍ତାଳ, ଗ୍ରା-ନିକର୍ଷି
	ବିଶୋଇ	୧୮୨୬	ବେସରକାରୀ	ଦ୍ୱାରି-୨	୦.୦୫୦	ସରୋଜୁ ମାଝି, ଲୁନା ମାଝି, ଲୁନା ମାଝି, ପି-ରଞ୍ଜ ମାଝି, ରାଜାଭ ମାଝି, ଯୁଧିଆ ମାଝି, ଯୁନା ମାଝି, ପି-ଲୁନା ମାଝି, ଲୁଙ୍କା ମାଝି, ହେତେଲ ମାଝି, ମଙ୍ଗଳ ମାଝି, ପି-ସୁବୁଦା ମାଝି, ଦୁର୍ଗା ମାଝି, ରେଠି ମାଝି, ପି-ସୁବୁଦା ମାଝି, ଜା-ସାନ୍ତାଳ, ଗ୍ରା-ନିକର୍ଷି
	ବିଶୋଇ	୧୮୨୪	ବେସରକାରୀ	ଦ୍ୱାରି-୨	୦.୦୫୦	ନିମାନନ୍ଦ ଆଚାର୍ଯ୍ୟ, ପି-ବିଦ୍ୟାଧର ଆଚାର୍ଯ୍ୟ, ଜା-ବ୍ରାହ୍ମଣ, ଗ୍ରା-ନିକର୍ଷି
(See Next Page) ୨
